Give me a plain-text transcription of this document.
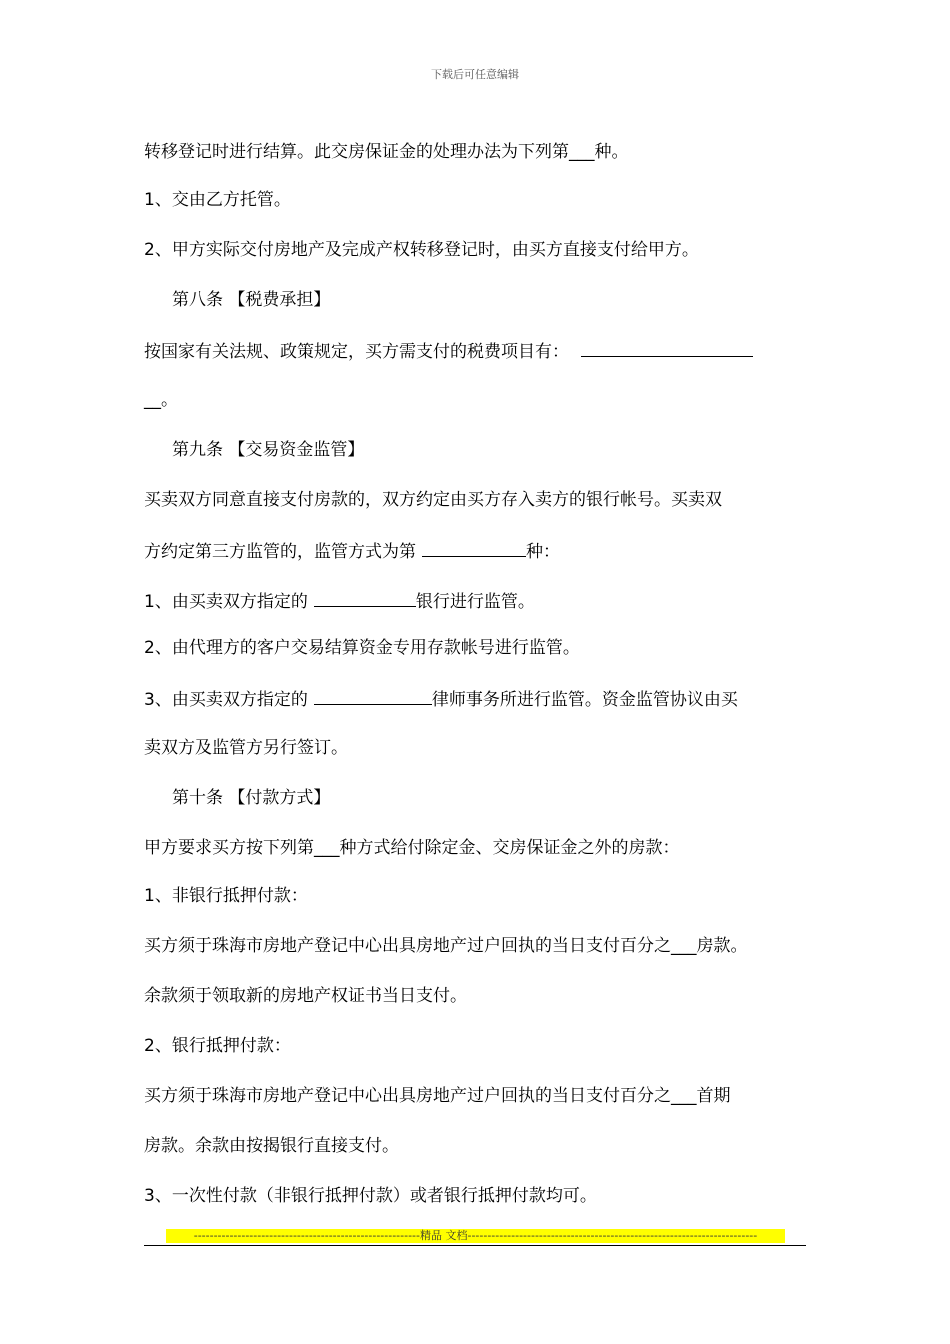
下载后可任意编辑
转移登记时进行结算。此交房保证金的处理办法为下列第___种。
1、交由乙方托管。
2、甲方实际交付房地产及完成产权转移登记时，由买方直接支付给甲方。
第八条 【税费承担】
按国家有关法规、政策规定，买方需支付的税费项目有：
__。
第九条 【交易资金监管】
买卖双方同意直接支付房款的，双方约定由买方存入卖方的银行帐号。买卖双
方约定第三方监管的，监管方式为第	种：
1、由买卖双方指定的	银行进行监管。
2、由代理方的客户交易结算资金专用存款帐号进行监管。
3、由买卖双方指定的	律师事务所进行监管。资金监管协议由买
卖双方及监管方另行签订。
第十条 【付款方式】
甲方要求买方按下列第___种方式给付除定金、交房保证金之外的房款：
1、非银行抵押付款：
买方须于珠海市房地产登记中心出具房地产过户回执的当日支付百分之___房款。
余款须于领取新的房地产权证书当日支付。
2、银行抵押付款：
买方须于珠海市房地产登记中心出具房地产过户回执的当日支付百分之___首期
房款。余款由按揭银行直接支付。
3、一次性付款（非银行抵押付款）或者银行抵押付款均可。
---------------------------------------------------------精品 文档-------------------------------------------------------------------------
